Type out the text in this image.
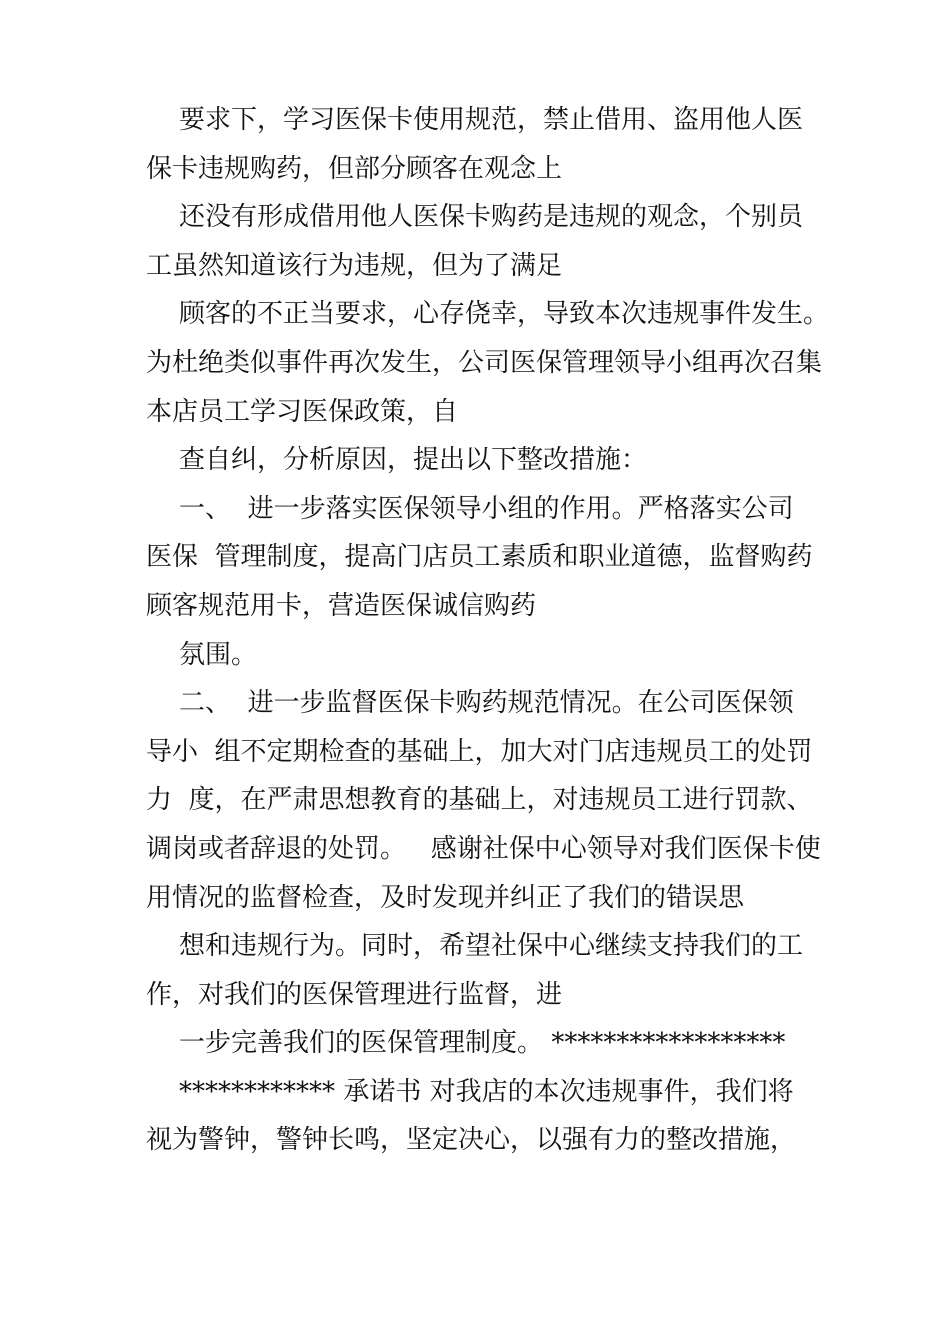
要求下，学习医保卡使用规范，禁止借用、盗用他人医
保卡违规购药，但部分顾客在观念上
还没有形成借用他人医保卡购药是违规的观念，个别员
工虽然知道该行为违规，但为了满足
顾客的不正当要求，心存侥幸，导致本次违规事件发生。
为杜绝类似事件再次发生，公司医保管理领导小组再次召集
本店员工学习医保政策，自
查自纠，分析原因，提出以下整改措施：
一、  进一步落实医保领导小组的作用。严格落实公司
医保  管理制度，提高门店员工素质和职业道德，监督购药
顾客规范用卡，营造医保诚信购药
氛围。
二、  进一步监督医保卡购药规范情况。在公司医保领
导小  组不定期检查的基础上，加大对门店违规员工的处罚
力  度，在严肃思想教育的基础上，对违规员工进行罚款、
调岗或者辞退的处罚。   感谢社保中心领导对我们医保卡使
用情况的监督检查，及时发现并纠正了我们的错误思
想和违规行为。同时，希望社保中心继续支持我们的工
作，对我们的医保管理进行监督，进
一步完善我们的医保管理制度。 ******************
************ 承诺书 对我店的本次违规事件，我们将
视为警钟，警钟长鸣，坚定决心，以强有力的整改措施，
